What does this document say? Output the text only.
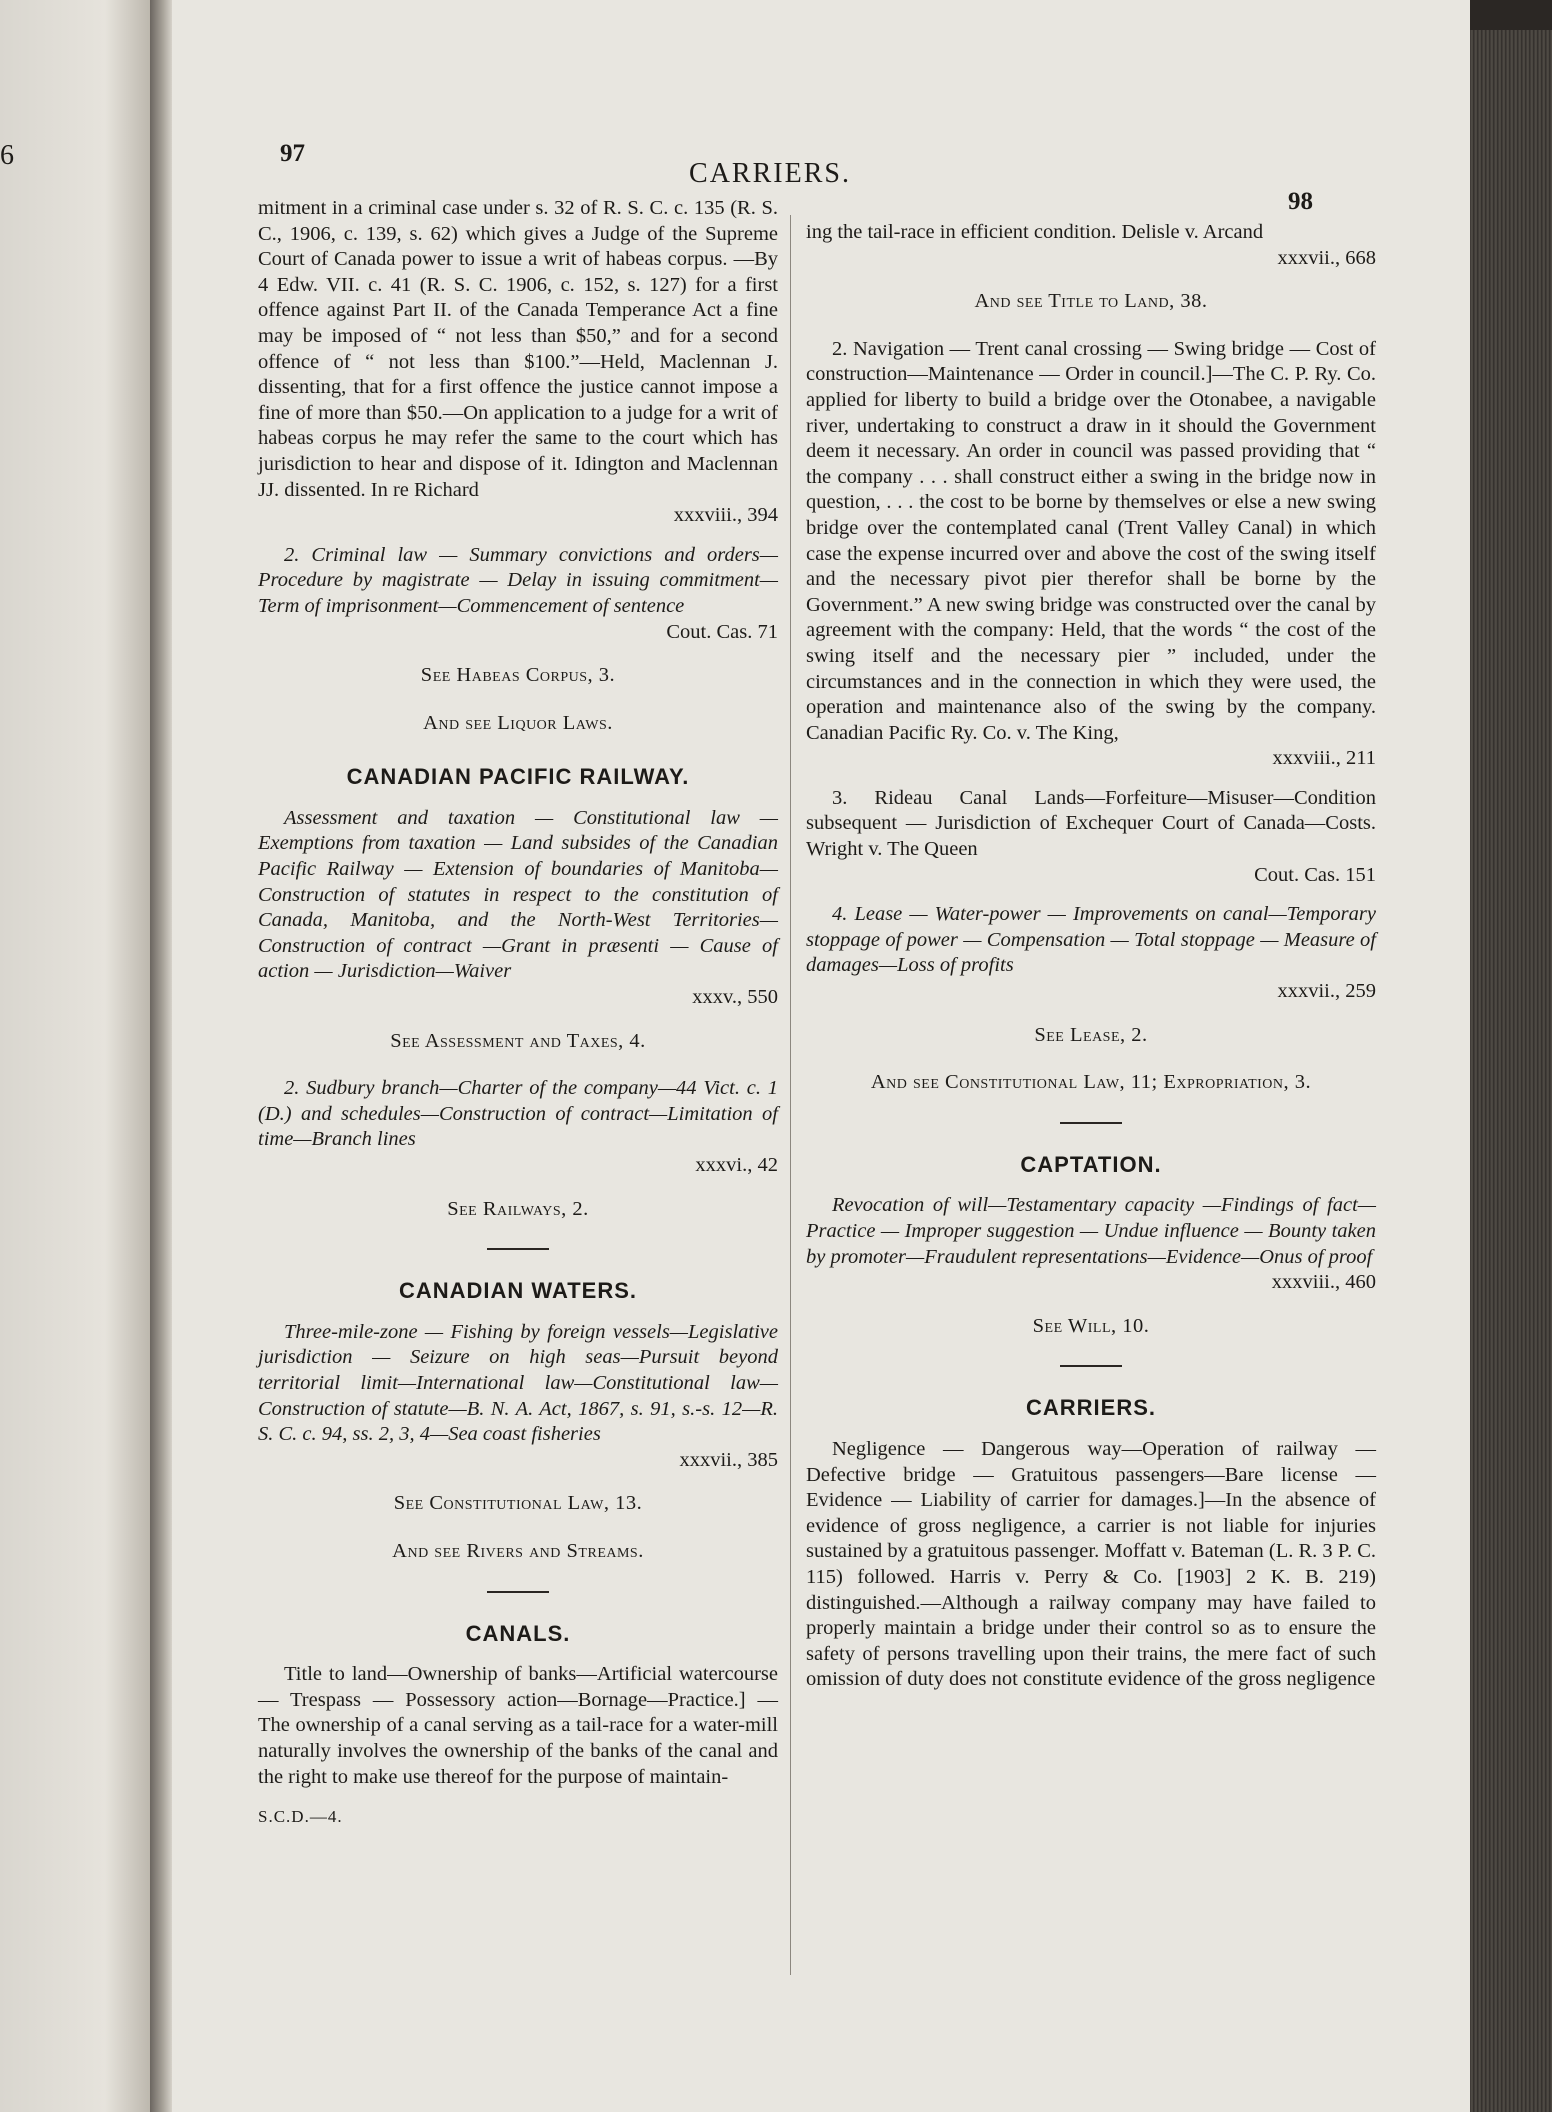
6	97
CARRIERS.
98

mitment in a criminal case under s. 32 of R. S. C. c. 135 (R. S. C., 1906, c. 139, s. 62) which gives a Judge of the Supreme Court of Canada power to issue a writ of habeas corpus. —By 4 Edw. VII. c. 41 (R. S. C. 1906, c. 152, s. 127) for a first offence against Part II. of the Canada Temperance Act a fine may be imposed of “ not less than $50,” and for a second offence of “ not less than $100.”—Held, Maclennan J. dissenting, that for a first offence the justice cannot impose a fine of more than $50.—On application to a judge for a writ of habeas corpus he may refer the same to the court which has jurisdiction to hear and dispose of it. Idington and Maclennan JJ. dissented. In re Richard
xxxviii., 394

2. Criminal law — Summary convictions and orders—Procedure by magistrate — Delay in issuing commitment—Term of imprisonment—Commencement of sentence
Cout. Cas. 71

See Habeas Corpus, 3.
And see Liquor Laws.
CANADIAN PACIFIC RAILWAY.

Assessment and taxation — Constitutional law — Exemptions from taxation — Land subsides of the Canadian Pacific Railway — Extension of boundaries of Manitoba—Construction of statutes in respect to the constitution of Canada, Manitoba, and the North-West Territories—Construction of contract —Grant in præsenti — Cause of action — Jurisdiction—Waiver
xxxv., 550

See Assessment and Taxes, 4.

2. Sudbury branch—Charter of the company—44 Vict. c. 1 (D.) and schedules—Construction of contract—Limitation of time—Branch lines
xxxvi., 42

See Railways, 2.
CANADIAN WATERS.

Three-mile-zone — Fishing by foreign vessels—Legislative jurisdiction — Seizure on high seas—Pursuit beyond territorial limit—International law—Constitutional law—Construction of statute—B. N. A. Act, 1867, s. 91, s.-s. 12—R. S. C. c. 94, ss. 2, 3, 4—Sea coast fisheries
xxxvii., 385

See Constitutional Law, 13.
And see Rivers and Streams.
CANALS.

Title to land—Ownership of banks—Artificial watercourse — Trespass — Possessory action—Bornage—Practice.] — The ownership of a canal serving as a tail-race for a water-mill naturally involves the ownership of the banks of the canal and the right to make use thereof for the purpose of maintain-

S.C.D.—4.

ing the tail-race in efficient condition. Delisle v. Arcand
xxxvii., 668

And see Title to Land, 38.

2. Navigation — Trent canal crossing — Swing bridge — Cost of construction—Maintenance — Order in council.]—The C. P. Ry. Co. applied for liberty to build a bridge over the Otonabee, a navigable river, undertaking to construct a draw in it should the Government deem it necessary. An order in council was passed providing that “ the company . . . shall construct either a swing in the bridge now in question, . . . the cost to be borne by themselves or else a new swing bridge over the contemplated canal (Trent Valley Canal) in which case the expense incurred over and above the cost of the swing itself and the necessary pivot pier therefor shall be borne by the Government.” A new swing bridge was constructed over the canal by agreement with the company: Held, that the words “ the cost of the swing itself and the necessary pier ” included, under the circumstances and in the connection in which they were used, the operation and maintenance also of the swing by the company. Canadian Pacific Ry. Co. v. The King,
xxxviii., 211

3. Rideau Canal Lands—Forfeiture—Misuser—Condition subsequent — Jurisdiction of Exchequer Court of Canada—Costs. Wright v. The Queen
Cout. Cas. 151

4. Lease — Water-power — Improvements on canal—Temporary stoppage of power — Compensation — Total stoppage — Measure of damages—Loss of profits
xxxvii., 259

See Lease, 2.
And see Constitutional Law, 11; Expropriation, 3.
CAPTATION.

Revocation of will—Testamentary capacity —Findings of fact—Practice — Improper suggestion — Undue influence — Bounty taken by promoter—Fraudulent representations—Evidence—Onus of proof
xxxviii., 460

See Will, 10.
CARRIERS.

Negligence — Dangerous way—Operation of railway — Defective bridge — Gratuitous passengers—Bare license — Evidence — Liability of carrier for damages.]—In the absence of evidence of gross negligence, a carrier is not liable for injuries sustained by a gratuitous passenger. Moffatt v. Bateman (L. R. 3 P. C. 115) followed. Harris v. Perry & Co. [1903] 2 K. B. 219) distinguished.—Although a railway company may have failed to properly maintain a bridge under their control so as to ensure the safety of persons travelling upon their trains, the mere fact of such omission of duty does not constitute evidence of the gross negligence
